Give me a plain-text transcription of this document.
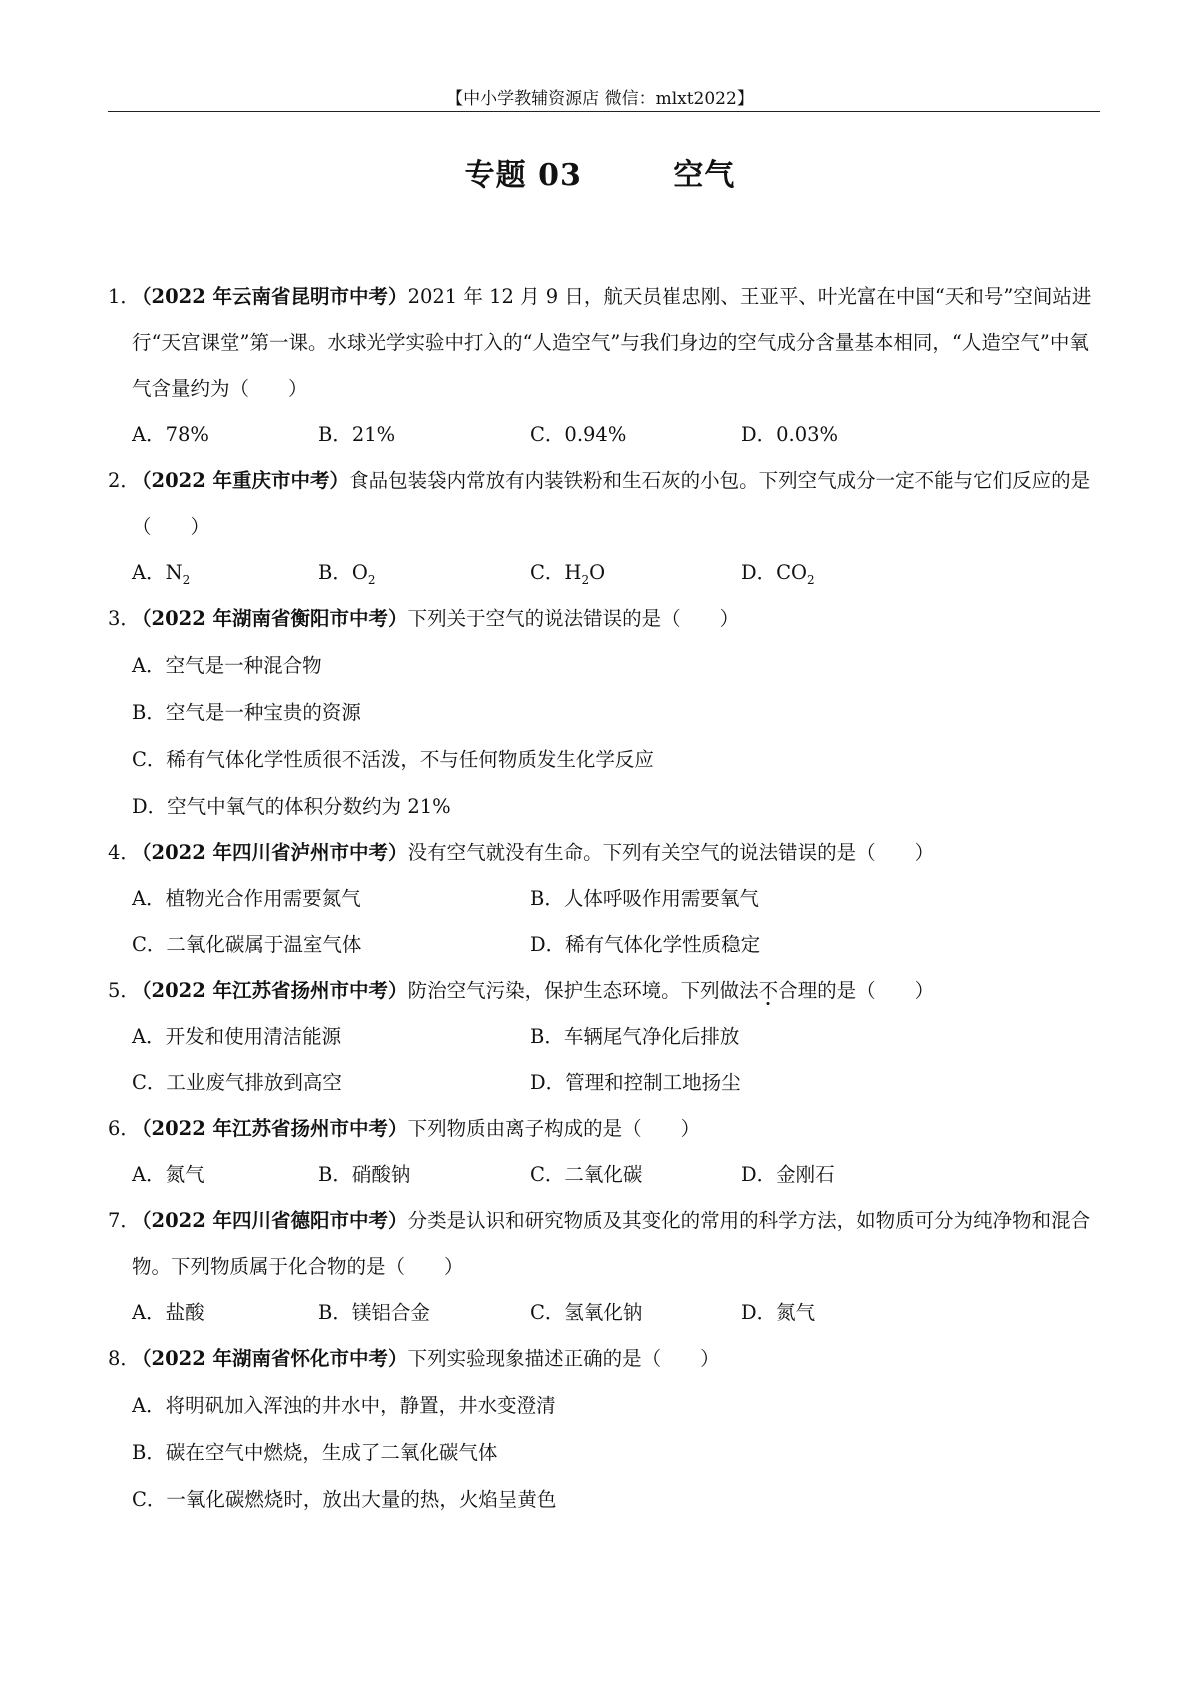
【中小学教辅资源店 微信：mlxt2022】
专题 03        空气
1．
（2022 年云南省昆明市中考）2021 年 12 月 9 日，航天员崔忠刚、王亚平、叶光富在中国“天和号”空间站进行“天宫课堂”第一课。水球光学实验中打入的“人造空气”与我们身边的空气成分含量基本相同，“人造空气”中氧气含量约为（　　）
A．78%	B．21%	C．0.94%	D．0.03%
2．
（2022 年重庆市中考）食品包装袋内常放有内装铁粉和生石灰的小包。下列空气成分一定不能与它们反应的是（　　）
A．$N_2$	B．$O_2$	C．$H_2O$	D．$CO_2$
3．
（2022 年湖南省衡阳市中考）下列关于空气的说法错误的是（　　）
A．空气是一种混合物
B．空气是一种宝贵的资源
C．稀有气体化学性质很不活泼，不与任何物质发生化学反应
D．空气中氧气的体积分数约为 21%
4．
（2022 年四川省泸州市中考）没有空气就没有生命。下列有关空气的说法错误的是（　　）
A．植物光合作用需要氮气	B．人体呼吸作用需要氧气
C．二氧化碳属于温室气体	D．稀有气体化学性质稳定
5．
（2022 年江苏省扬州市中考）防治空气污染，保护生态环境。下列做法不合理的是（　　）
A．开发和使用清洁能源	B．车辆尾气净化后排放
C．工业废气排放到高空	D．管理和控制工地扬尘
6．
（2022 年江苏省扬州市中考）下列物质由离子构成的是（　　）
A．氮气	B．硝酸钠	C．二氧化碳	D．金刚石
7．
（2022 年四川省德阳市中考）分类是认识和研究物质及其变化的常用的科学方法，如物质可分为纯净物和混合物。下列物质属于化合物的是（　　）
A．盐酸	B．镁铝合金	C．氢氧化钠	D．氮气
8．
（2022 年湖南省怀化市中考）下列实验现象描述正确的是（　　）
A．将明矾加入浑浊的井水中，静置，井水变澄清
B．碳在空气中燃烧，生成了二氧化碳气体
C．一氧化碳燃烧时，放出大量的热，火焰呈黄色
